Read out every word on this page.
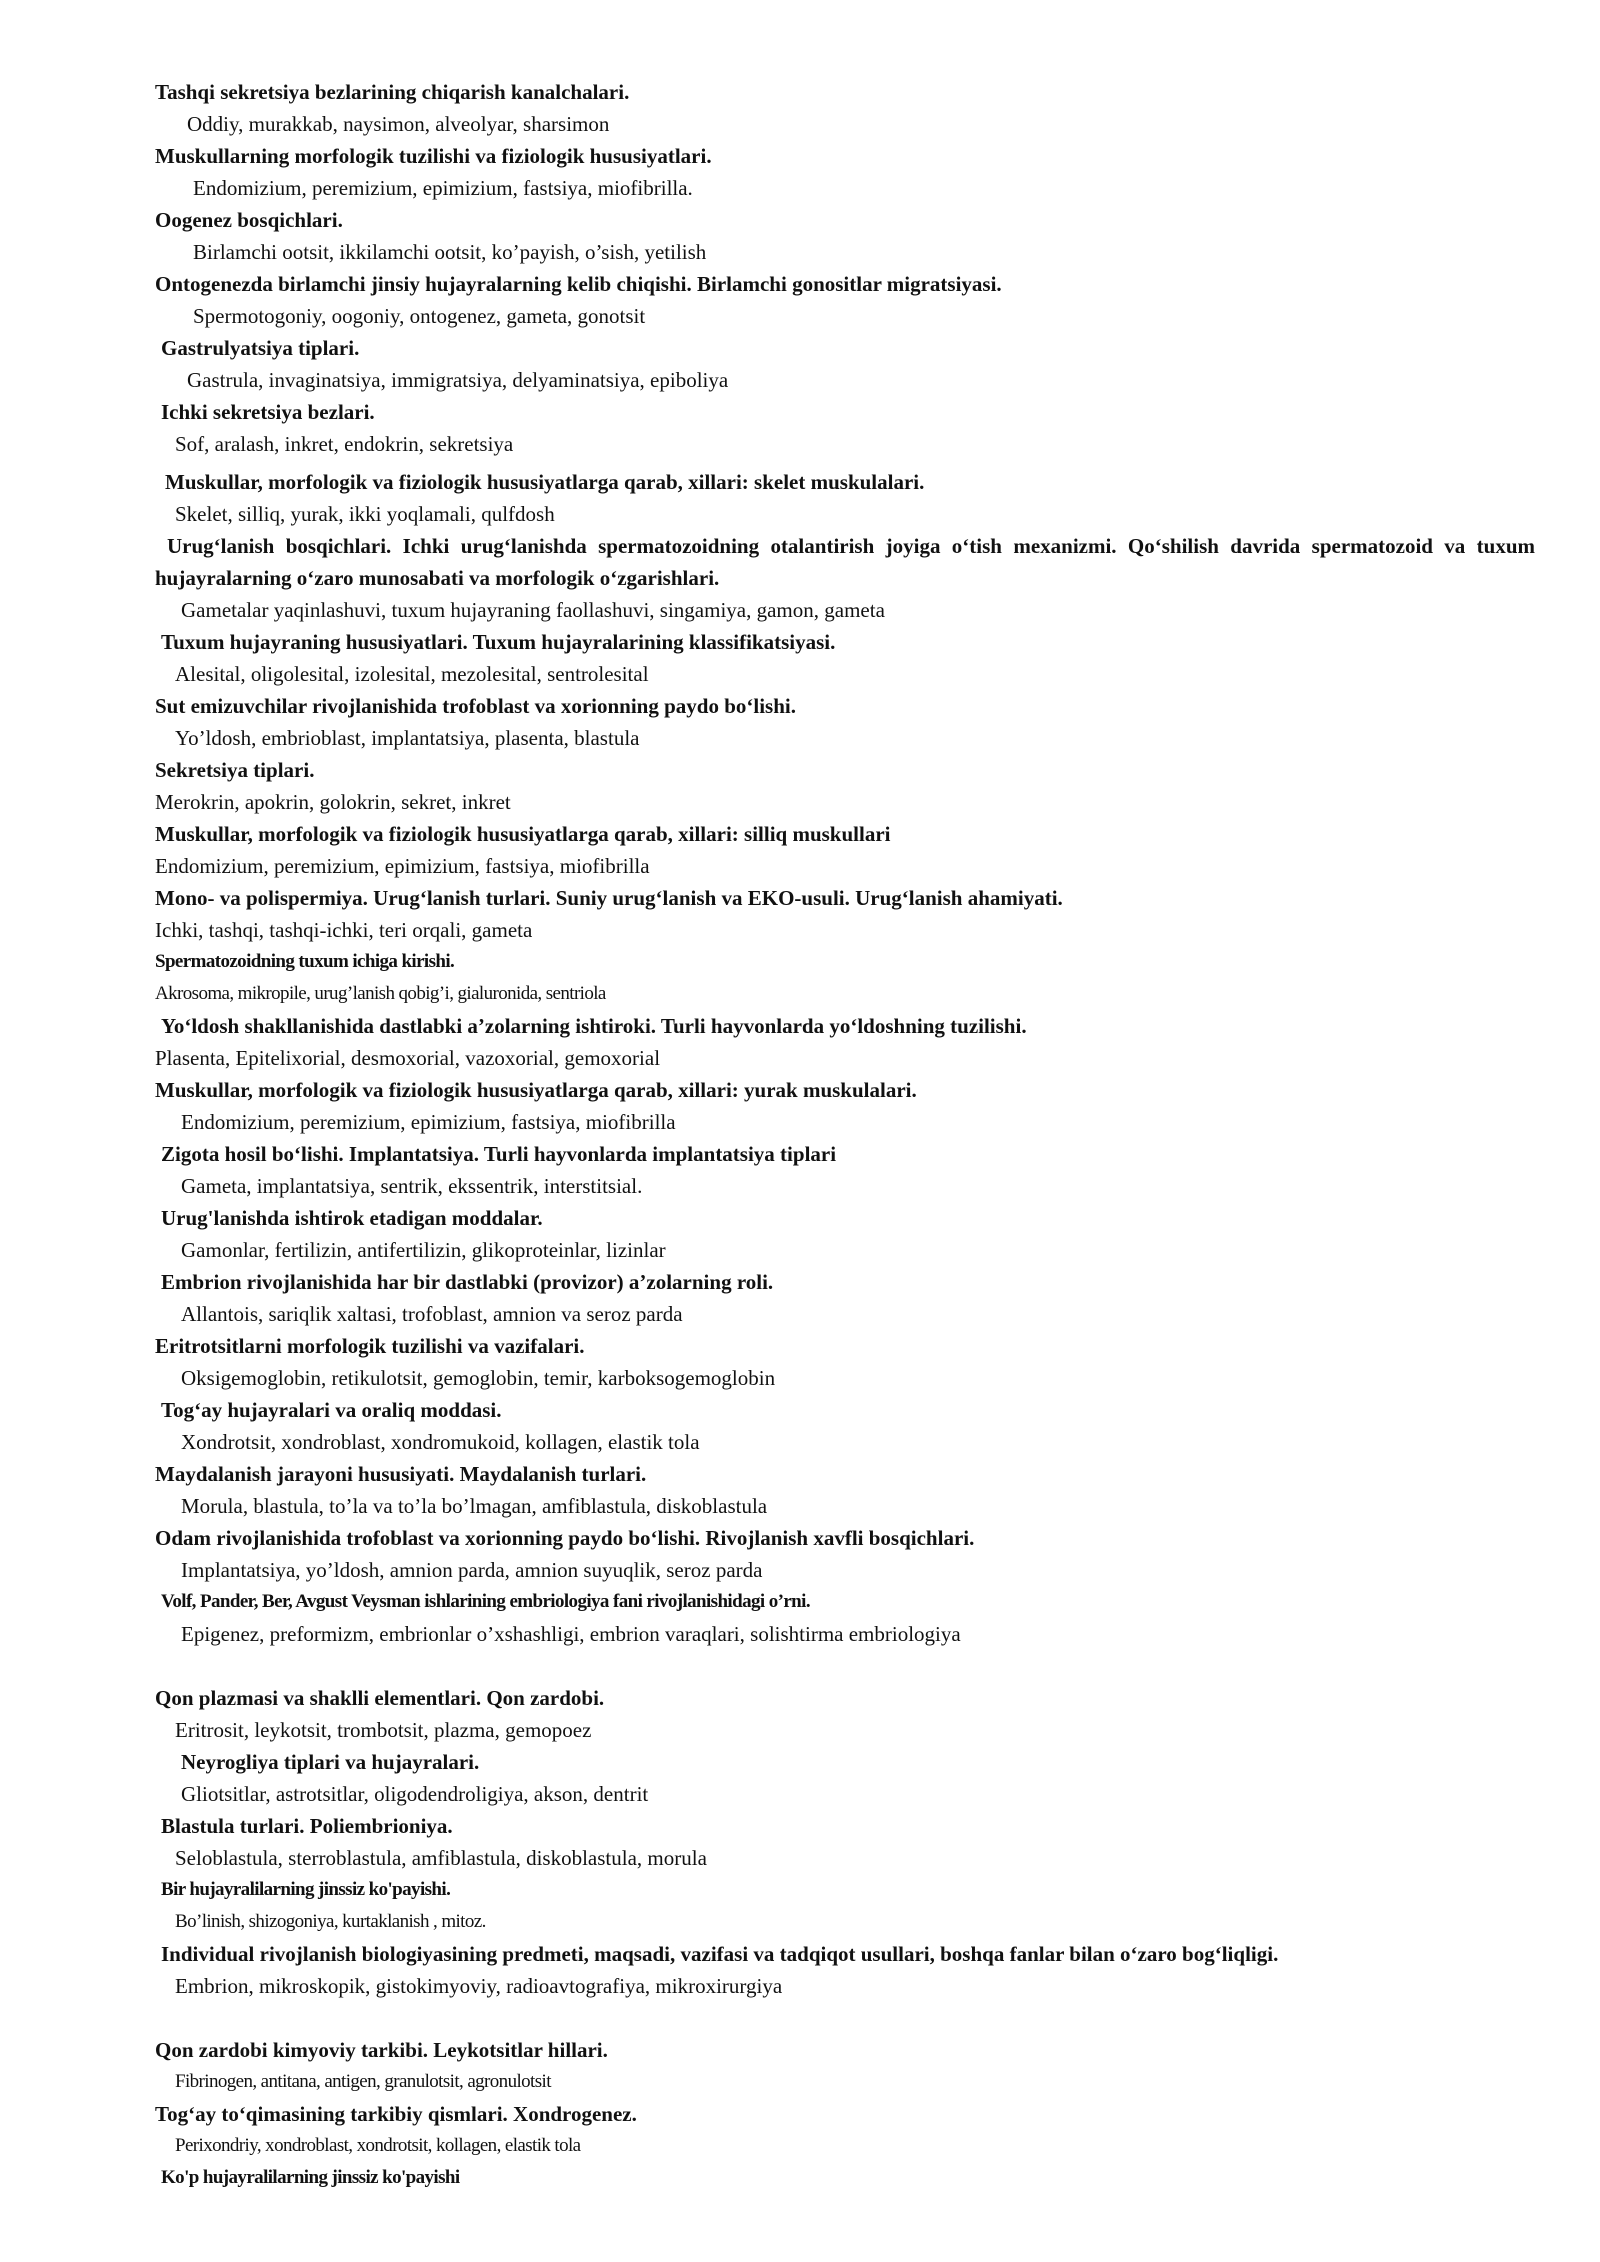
Tashqi sekretsiya bezlarining chiqarish kanalchalari.

Oddiy, murakkab, naysimon, alveolyar, sharsimon

Muskullarning morfologik tuzilishi va fiziologik hususiyatlari.

Endomizium, peremizium, epimizium, fastsiya, miofibrilla.

Oogenez bosqichlari.

Birlamchi ootsit, ikkilamchi ootsit, ko’payish, o’sish, yetilish

Ontogenezda birlamchi jinsiy hujayralarning kelib chiqishi. Birlamchi gonositlar migratsiyasi.

Spermotogoniy, oogoniy, ontogenez, gameta, gonotsit

Gastrulyatsiya tiplari.

Gastrula, invaginatsiya, immigratsiya, delyaminatsiya, epiboliya

Ichki sekretsiya bezlari.

Sof, aralash, inkret, endokrin, sekretsiya

Muskullar, morfologik va fiziologik hususiyatlarga qarab, xillari: skelet muskulalari.

Skelet, silliq, yurak, ikki yoqlamali, qulfdosh

Urug‘lanish bosqichlari. Ichki urug‘lanishda spermatozoidning otalantirish joyiga o‘tish mexanizmi. Qo‘shilish davrida spermatozoid va tuxum hujayralarning o‘zaro munosabati va morfologik o‘zgarishlari.

Gametalar yaqinlashuvi, tuxum hujayraning faollashuvi, singamiya, gamon, gameta

Tuxum hujayraning hususiyatlari. Tuxum hujayralarining klassifikatsiyasi.

Alesital, oligolesital, izolesital, mezolesital, sentrolesital

Sut emizuvchilar rivojlanishida trofoblast va xorionning paydo bo‘lishi.

Yo’ldosh, embrioblast, implantatsiya, plasenta, blastula

Sekretsiya tiplari.

Merokrin, apokrin, golokrin, sekret, inkret

Muskullar, morfologik va fiziologik hususiyatlarga qarab, xillari: silliq muskullari

Endomizium, peremizium, epimizium, fastsiya, miofibrilla

Mono- va polispermiya. Urug‘lanish turlari. Suniy urug‘lanish va EKO-usuli. Urug‘lanish ahamiyati.

Ichki, tashqi, tashqi-ichki, teri orqali, gameta

Spermatozoidning tuxum ichiga kirishi.

Akrosoma, mikropile, urug’lanish qobig’i, gialuronida, sentriola

Yo‘ldosh shakllanishida dastlabki a’zolarning ishtiroki. Turli hayvonlarda yo‘ldoshning tuzilishi.

Plasenta, Epitelixorial, desmoxorial, vazoxorial, gemoxorial

Muskullar, morfologik va fiziologik hususiyatlarga qarab, xillari: yurak muskulalari.

Endomizium, peremizium, epimizium, fastsiya, miofibrilla

Zigota hosil bo‘lishi. Implantatsiya. Turli hayvonlarda implantatsiya tiplari

Gameta, implantatsiya, sentrik, ekssentrik, interstitsial.

Urug'lanishda ishtirok etadigan moddalar.

Gamonlar, fertilizin, antifertilizin, glikoproteinlar, lizinlar

Embrion rivojlanishida har bir dastlabki (provizor) a’zolarning roli.

Allantois, sariqlik xaltasi, trofoblast, amnion va seroz parda

Eritrotsitlarni morfologik tuzilishi va vazifalari.

Oksigemoglobin, retikulotsit, gemoglobin, temir, karboksogemoglobin

Tog‘ay hujayralari va oraliq moddasi.

Xondrotsit, xondroblast, xondromukoid, kollagen, elastik tola

Maydalanish jarayoni hususiyati. Maydalanish turlari.

Morula, blastula, to’la va to’la bo’lmagan, amfiblastula, diskoblastula

Odam rivojlanishida trofoblast va xorionning paydo bo‘lishi. Rivojlanish xavfli bosqichlari.

Implantatsiya, yo’ldosh, amnion parda, amnion suyuqlik, seroz parda

Volf, Pander, Ber, Avgust Veysman ishlarining embriologiya fani rivojlanishidagi o’rni.

Epigenez, preformizm, embrionlar o’xshashligi, embrion varaqlari, solishtirma embriologiya

Qon plazmasi va shaklli elementlari. Qon zardobi.

Eritrosit, leykotsit, trombotsit, plazma, gemopoez

Neyrogliya tiplari va hujayralari.

Gliotsitlar, astrotsitlar, oligodendroligiya, akson, dentrit

Blastula turlari. Poliembrioniya.

Seloblastula, sterroblastula, amfiblastula, diskoblastula, morula

Bir hujayralilarning jinssiz ko'payishi.

Bo’linish, shizogoniya, kurtaklanish , mitoz.

Individual rivojlanish biologiyasining predmeti, maqsadi, vazifasi va tadqiqot usullari, boshqa fanlar bilan o‘zaro bog‘liqligi.

Embrion, mikroskopik, gistokimyoviy, radioavtografiya, mikroxirurgiya

Qon zardobi kimyoviy tarkibi. Leykotsitlar hillari.

Fibrinogen, antitana, antigen, granulotsit, agronulotsit

Tog‘ay to‘qimasining tarkibiy qismlari. Xondrogenez.

Perixondriy, xondroblast, xondrotsit, kollagen, elastik tola

Ko'p hujayralilarning jinssiz ko'payishi
